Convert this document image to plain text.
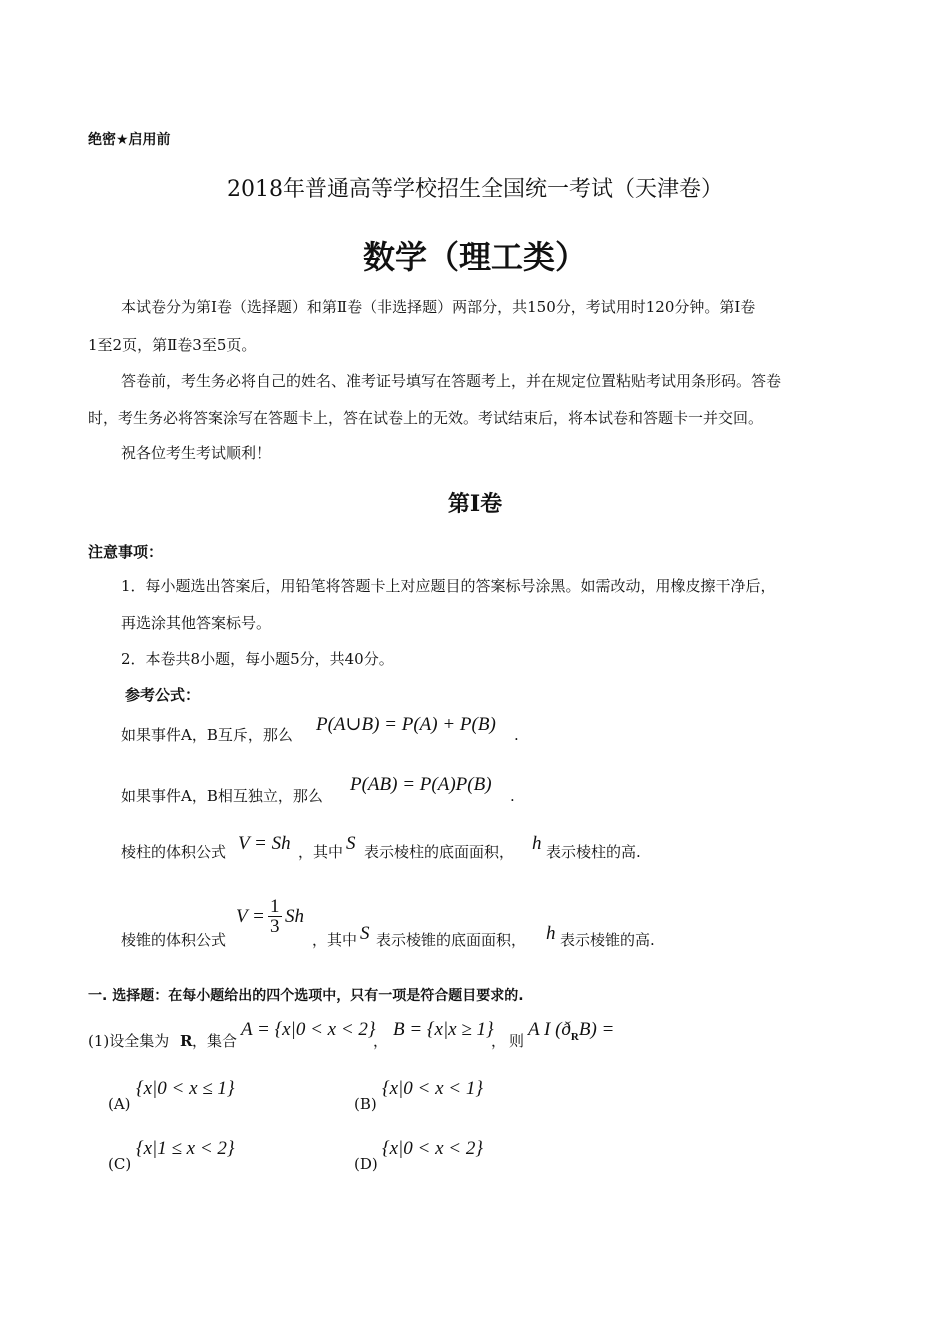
绝密★启用前
2018年普通高等学校招生全国统一考试（天津卷）
数学（理工类）
本试卷分为第Ⅰ卷（选择题）和第Ⅱ卷（非选择题）两部分，共150分，考试用时120分钟。第Ⅰ卷
1至2页，第Ⅱ卷3至5页。
答卷前，考生务必将自己的姓名、准考证号填写在答题考上，并在规定位置粘贴考试用条形码。答卷
时，考生务必将答案涂写在答题卡上，答在试卷上的无效。考试结束后，将本试卷和答题卡一并交回。
祝各位考生考试顺利！
第Ⅰ卷
注意事项：
1．每小题选出答案后，用铅笔将答题卡上对应题目的答案标号涂黑。如需改动，用橡皮擦干净后，
再选涂其他答案标号。
2．本卷共8小题，每小题5分，共40分。
参考公式：
如果事件A，B互斥，那么 P(A∪B) = P(A) + P(B) .
如果事件A，B相互独立，那么
P(AB) = P(A)P(B)
.
棱柱的体积公式 V = Sh ，其中 S 表示棱柱的底面面积， h 表示棱柱的高.
棱锥的体积公式
$V = \frac{1}{3}$ Sh
，其中 S 表示棱锥的底面面积， h 表示棱锥的高.
一. 选择题：在每小题给出的四个选项中，只有一项是符合题目要求的.
(1)设全集为 R ，集合
A = {x|0 < x < 2}
，
B = {x|x ≥ 1}
， 则
A I $(ð_RB)$ =
(A)
{x|0 < x ≤ 1}
(B)
{x|0 < x < 1}
(C)
{x|1 ≤ x < 2}
(D)
{x|0 < x < 2}
